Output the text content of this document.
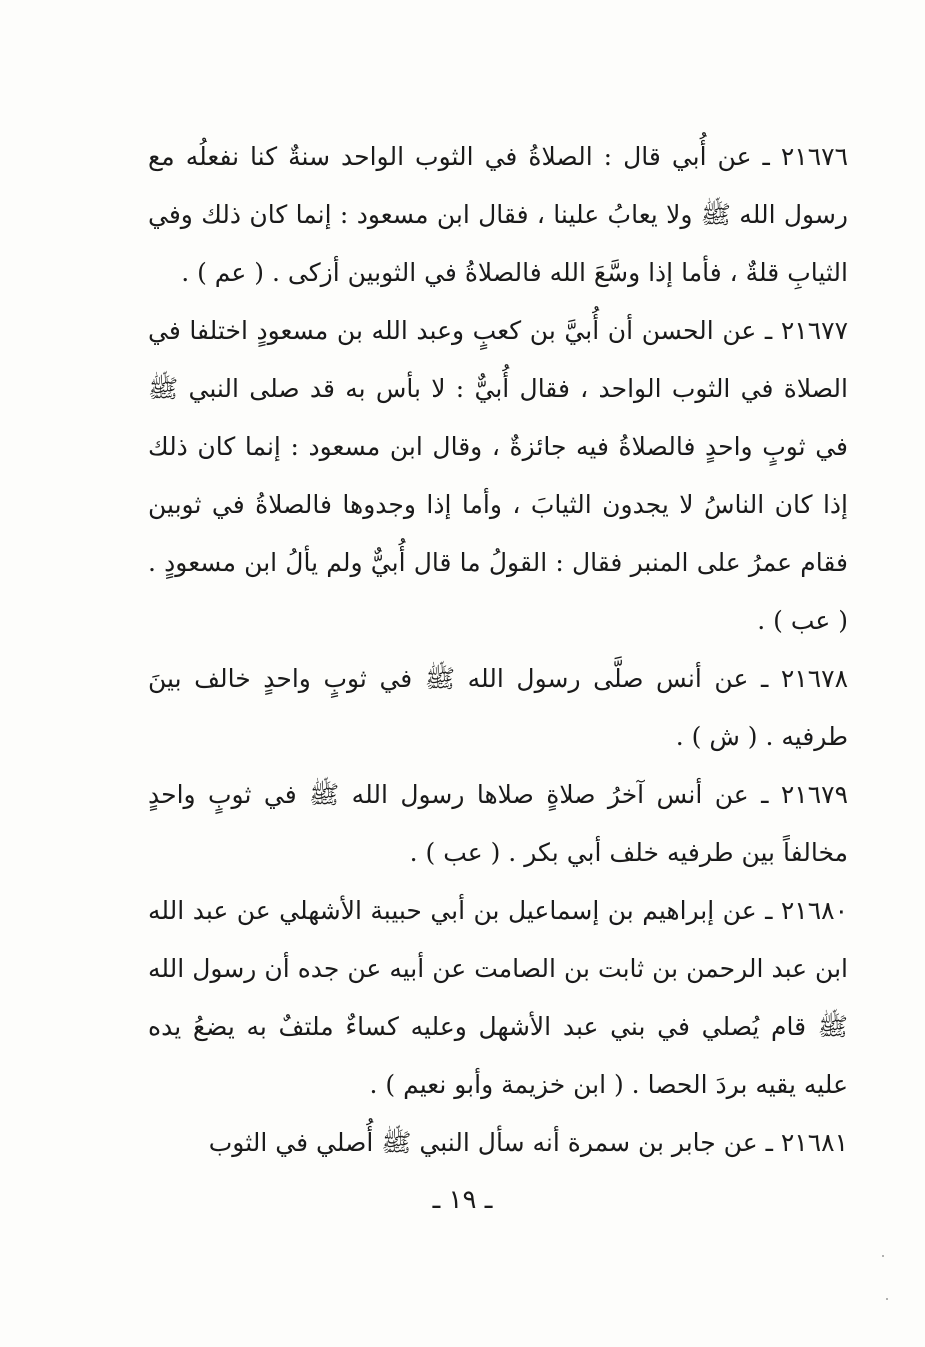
٢١٦٧٦ ـ عن أُبي قال : الصلاةُ في الثوب الواحد سنةٌ كنا نفعلُه مع رسول الله ﷺ ولا يعابُ علينا ، فقال ابن مسعود : إنما كان ذلك وفي الثيابِ قلةٌ ، فأما إذا وسَّعَ الله فالصلاةُ في الثوبين أزكى . ( عم ) .

٢١٦٧٧ ـ عن الحسن أن أُبيَّ بن كعبٍ وعبد الله بن مسعودٍ اختلفا في الصلاة في الثوب الواحد ، فقال أُبيٌّ : لا بأس به قد صلى النبي ﷺ في ثوبٍ واحدٍ فالصلاةُ فيه جائزةٌ ، وقال ابن مسعود : إنما كان ذلك إذا كان الناسُ لا يجدون الثيابَ ، وأما إذا وجدوها فالصلاةُ في ثوبين فقام عمرُ على المنبر فقال : القولُ ما قال أُبيٌّ ولم يألُ ابن مسعودٍ . ( عب ) .

٢١٦٧٨ ـ عن أنس صلَّى رسول الله ﷺ في ثوبٍ واحدٍ خالف بينَ طرفيه . ( ش ) .

٢١٦٧٩ ـ عن أنس آخرُ صلاةٍ صلاها رسول الله ﷺ في ثوبٍ واحدٍ مخالفاً بين طرفيه خلف أبي بكر . ( عب ) .

٢١٦٨٠ ـ عن إبراهيم بن إسماعيل بن أبي حبيبة الأشهلي عن عبد الله ابن عبد الرحمن بن ثابت بن الصامت عن أبيه عن جده أن رسول الله ﷺ قام يُصلي في بني عبد الأشهل وعليه كساءٌ ملتفٌ به يضعُ يده عليه يقيه بردَ الحصا . ( ابن خزيمة وأبو نعيم ) .

٢١٦٨١ ـ عن جابر بن سمرة أنه سأل النبي ﷺ أُصلي في الثوب

ـ ١٩ ـ
